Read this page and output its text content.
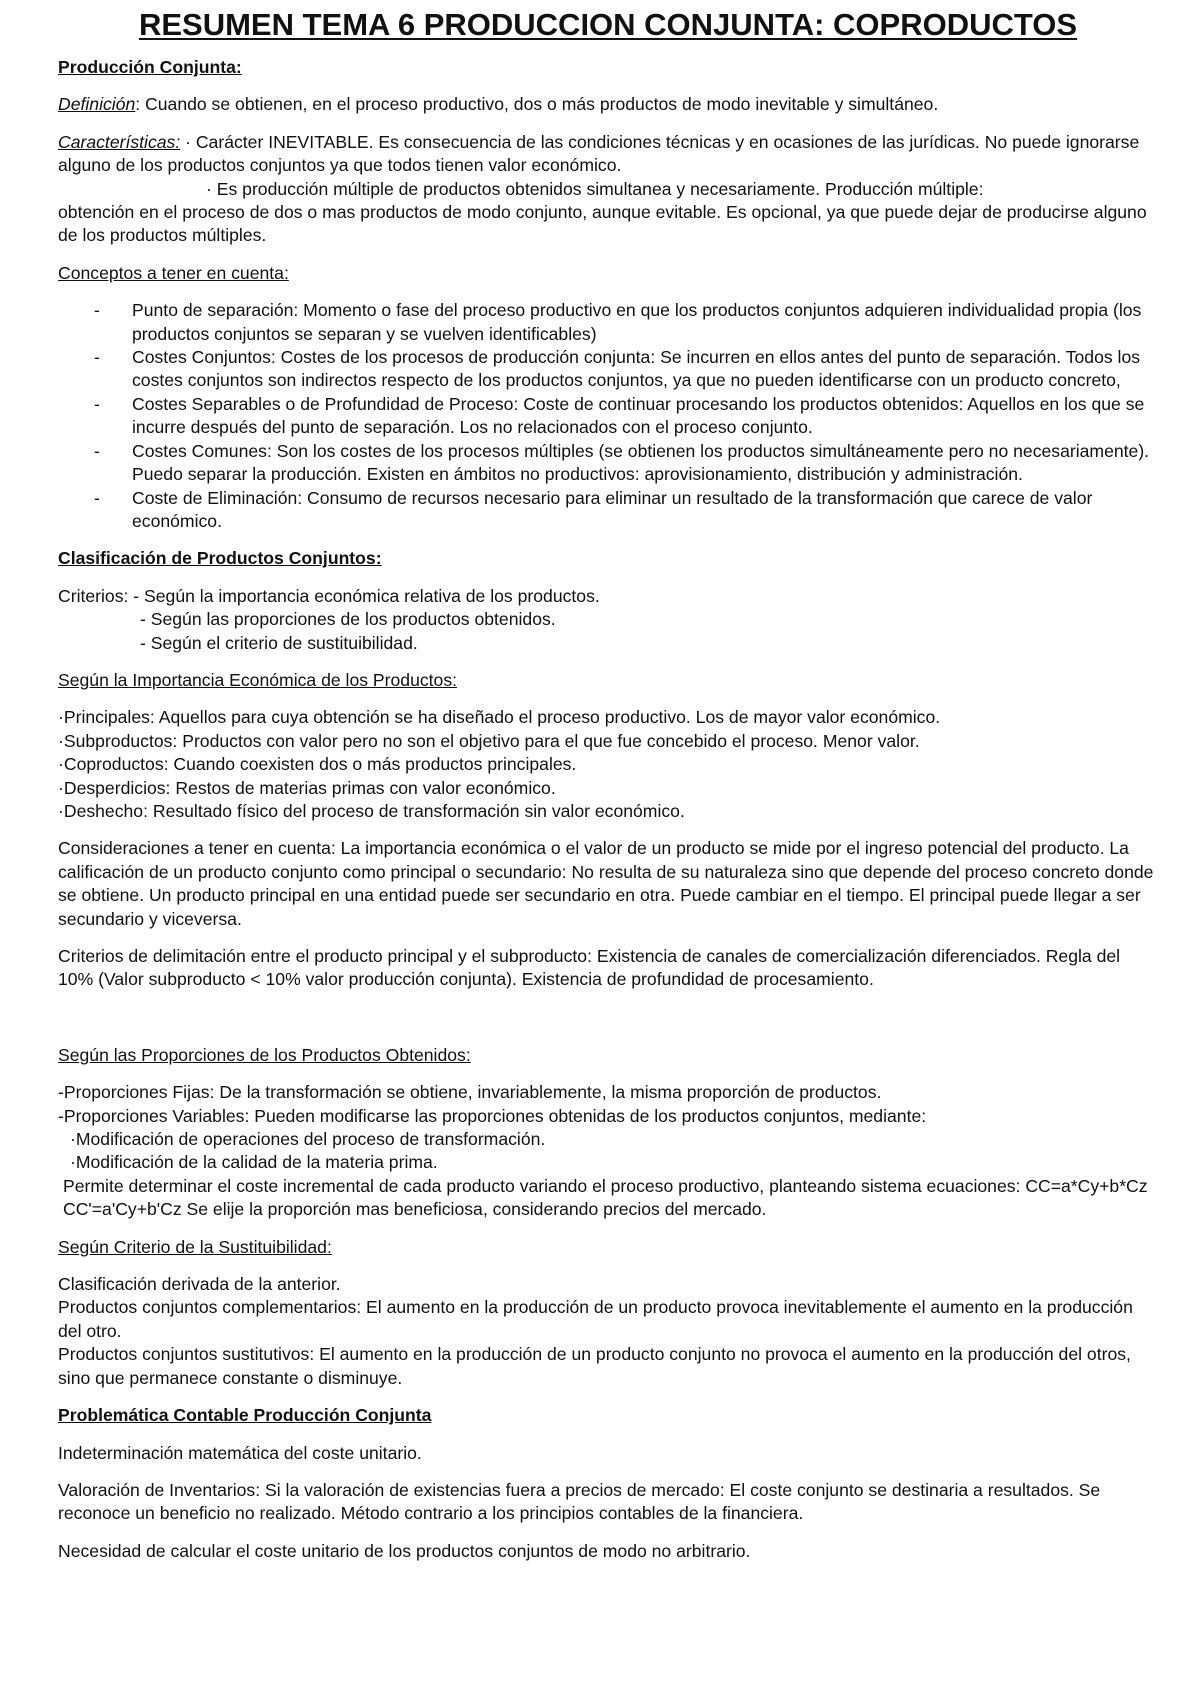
RESUMEN TEMA 6 PRODUCCION CONJUNTA: COPRODUCTOS
Producción Conjunta:

Definición: Cuando se obtienen, en el proceso productivo, dos o más productos de modo inevitable y simultáneo.

Características: · Carácter INEVITABLE. Es consecuencia de las condiciones técnicas y en ocasiones de las jurídicas. No puede ignorarse alguno de los productos conjuntos ya que todos tienen valor económico.

· Es producción múltiple de productos obtenidos simultanea y necesariamente. Producción múltiple:

obtención en el proceso de dos o mas productos de modo conjunto, aunque evitable. Es opcional, ya que puede dejar de producirse alguno de los productos múltiples.

Conceptos a tener en cuenta:
- Punto de separación: Momento o fase del proceso productivo en que los productos conjuntos adquieren individualidad propia (los productos conjuntos se separan y se vuelven identificables)
- Costes Conjuntos: Costes de los procesos de producción conjunta: Se incurren en ellos antes del punto de separación. Todos los costes conjuntos son indirectos respecto de los productos conjuntos, ya que no pueden identificarse con un producto concreto,
- Costes Separables o de Profundidad de Proceso: Coste de continuar procesando los productos obtenidos: Aquellos en los que se incurre después del punto de separación. Los no relacionados con el proceso conjunto.
- Costes Comunes: Son los costes de los procesos múltiples (se obtienen los productos simultáneamente pero no necesariamente). Puedo separar la producción. Existen en ámbitos no productivos: aprovisionamiento, distribución y administración.
- Coste de Eliminación: Consumo de recursos necesario para eliminar un resultado de la transformación que carece de valor económico.
Clasificación de Productos Conjuntos:
Criterios: - Según la importancia económica relativa de los productos.
- Según las proporciones de los productos obtenidos.

- Según el criterio de sustituibilidad.

Según la Importancia Económica de los Productos:
·Principales: Aquellos para cuya obtención se ha diseñado el proceso productivo. Los de mayor valor económico.
·Subproductos: Productos con valor pero no son el objetivo para el que fue concebido el proceso. Menor valor.
·Coproductos: Cuando coexisten dos o más productos principales.
·Desperdicios: Restos de materias primas con valor económico.

·Deshecho: Resultado físico del proceso de transformación sin valor económico.

Consideraciones a tener en cuenta: La importancia económica o el valor de un producto se mide por el ingreso potencial del producto. La calificación de un producto conjunto como principal o secundario: No resulta de su naturaleza sino que depende del proceso concreto donde se obtiene. Un producto principal en una entidad puede ser secundario en otra. Puede cambiar en el tiempo. El principal puede llegar a ser secundario y viceversa.

Criterios de delimitación entre el producto principal y el subproducto: Existencia de canales de comercialización diferenciados. Regla del 10% (Valor subproducto < 10% valor producción conjunta). Existencia de profundidad de procesamiento.

Según las Proporciones de los Productos Obtenidos:
-Proporciones Fijas: De la transformación se obtiene, invariablemente, la misma proporción de productos.
-Proporciones Variables: Pueden modificarse las proporciones obtenidas de los productos conjuntos, mediante:
·Modificación de operaciones del proceso de transformación.
·Modificación de la calidad de la materia prima.

Permite determinar el coste incremental de cada producto variando el proceso productivo, planteando sistema ecuaciones: CC=a*Cy+b*Cz CC'=a'Cy+b'Cz Se elije la proporción mas beneficiosa, considerando precios del mercado.

Según Criterio de la Sustituibilidad:
Clasificación derivada de la anterior.
Productos conjuntos complementarios: El aumento en la producción de un producto provoca inevitablemente el aumento en la producción del otro.

Productos conjuntos sustitutivos: El aumento en la producción de un producto conjunto no provoca el aumento en la producción del otros, sino que permanece constante o disminuye.

Problemática Contable Producción Conjunta

Indeterminación matemática del coste unitario.

Valoración de Inventarios: Si la valoración de existencias fuera a precios de mercado: El coste conjunto se destinaria a resultados. Se reconoce un beneficio no realizado. Método contrario a los principios contables de la financiera.

Necesidad de calcular el coste unitario de los productos conjuntos de modo no arbitrario.
